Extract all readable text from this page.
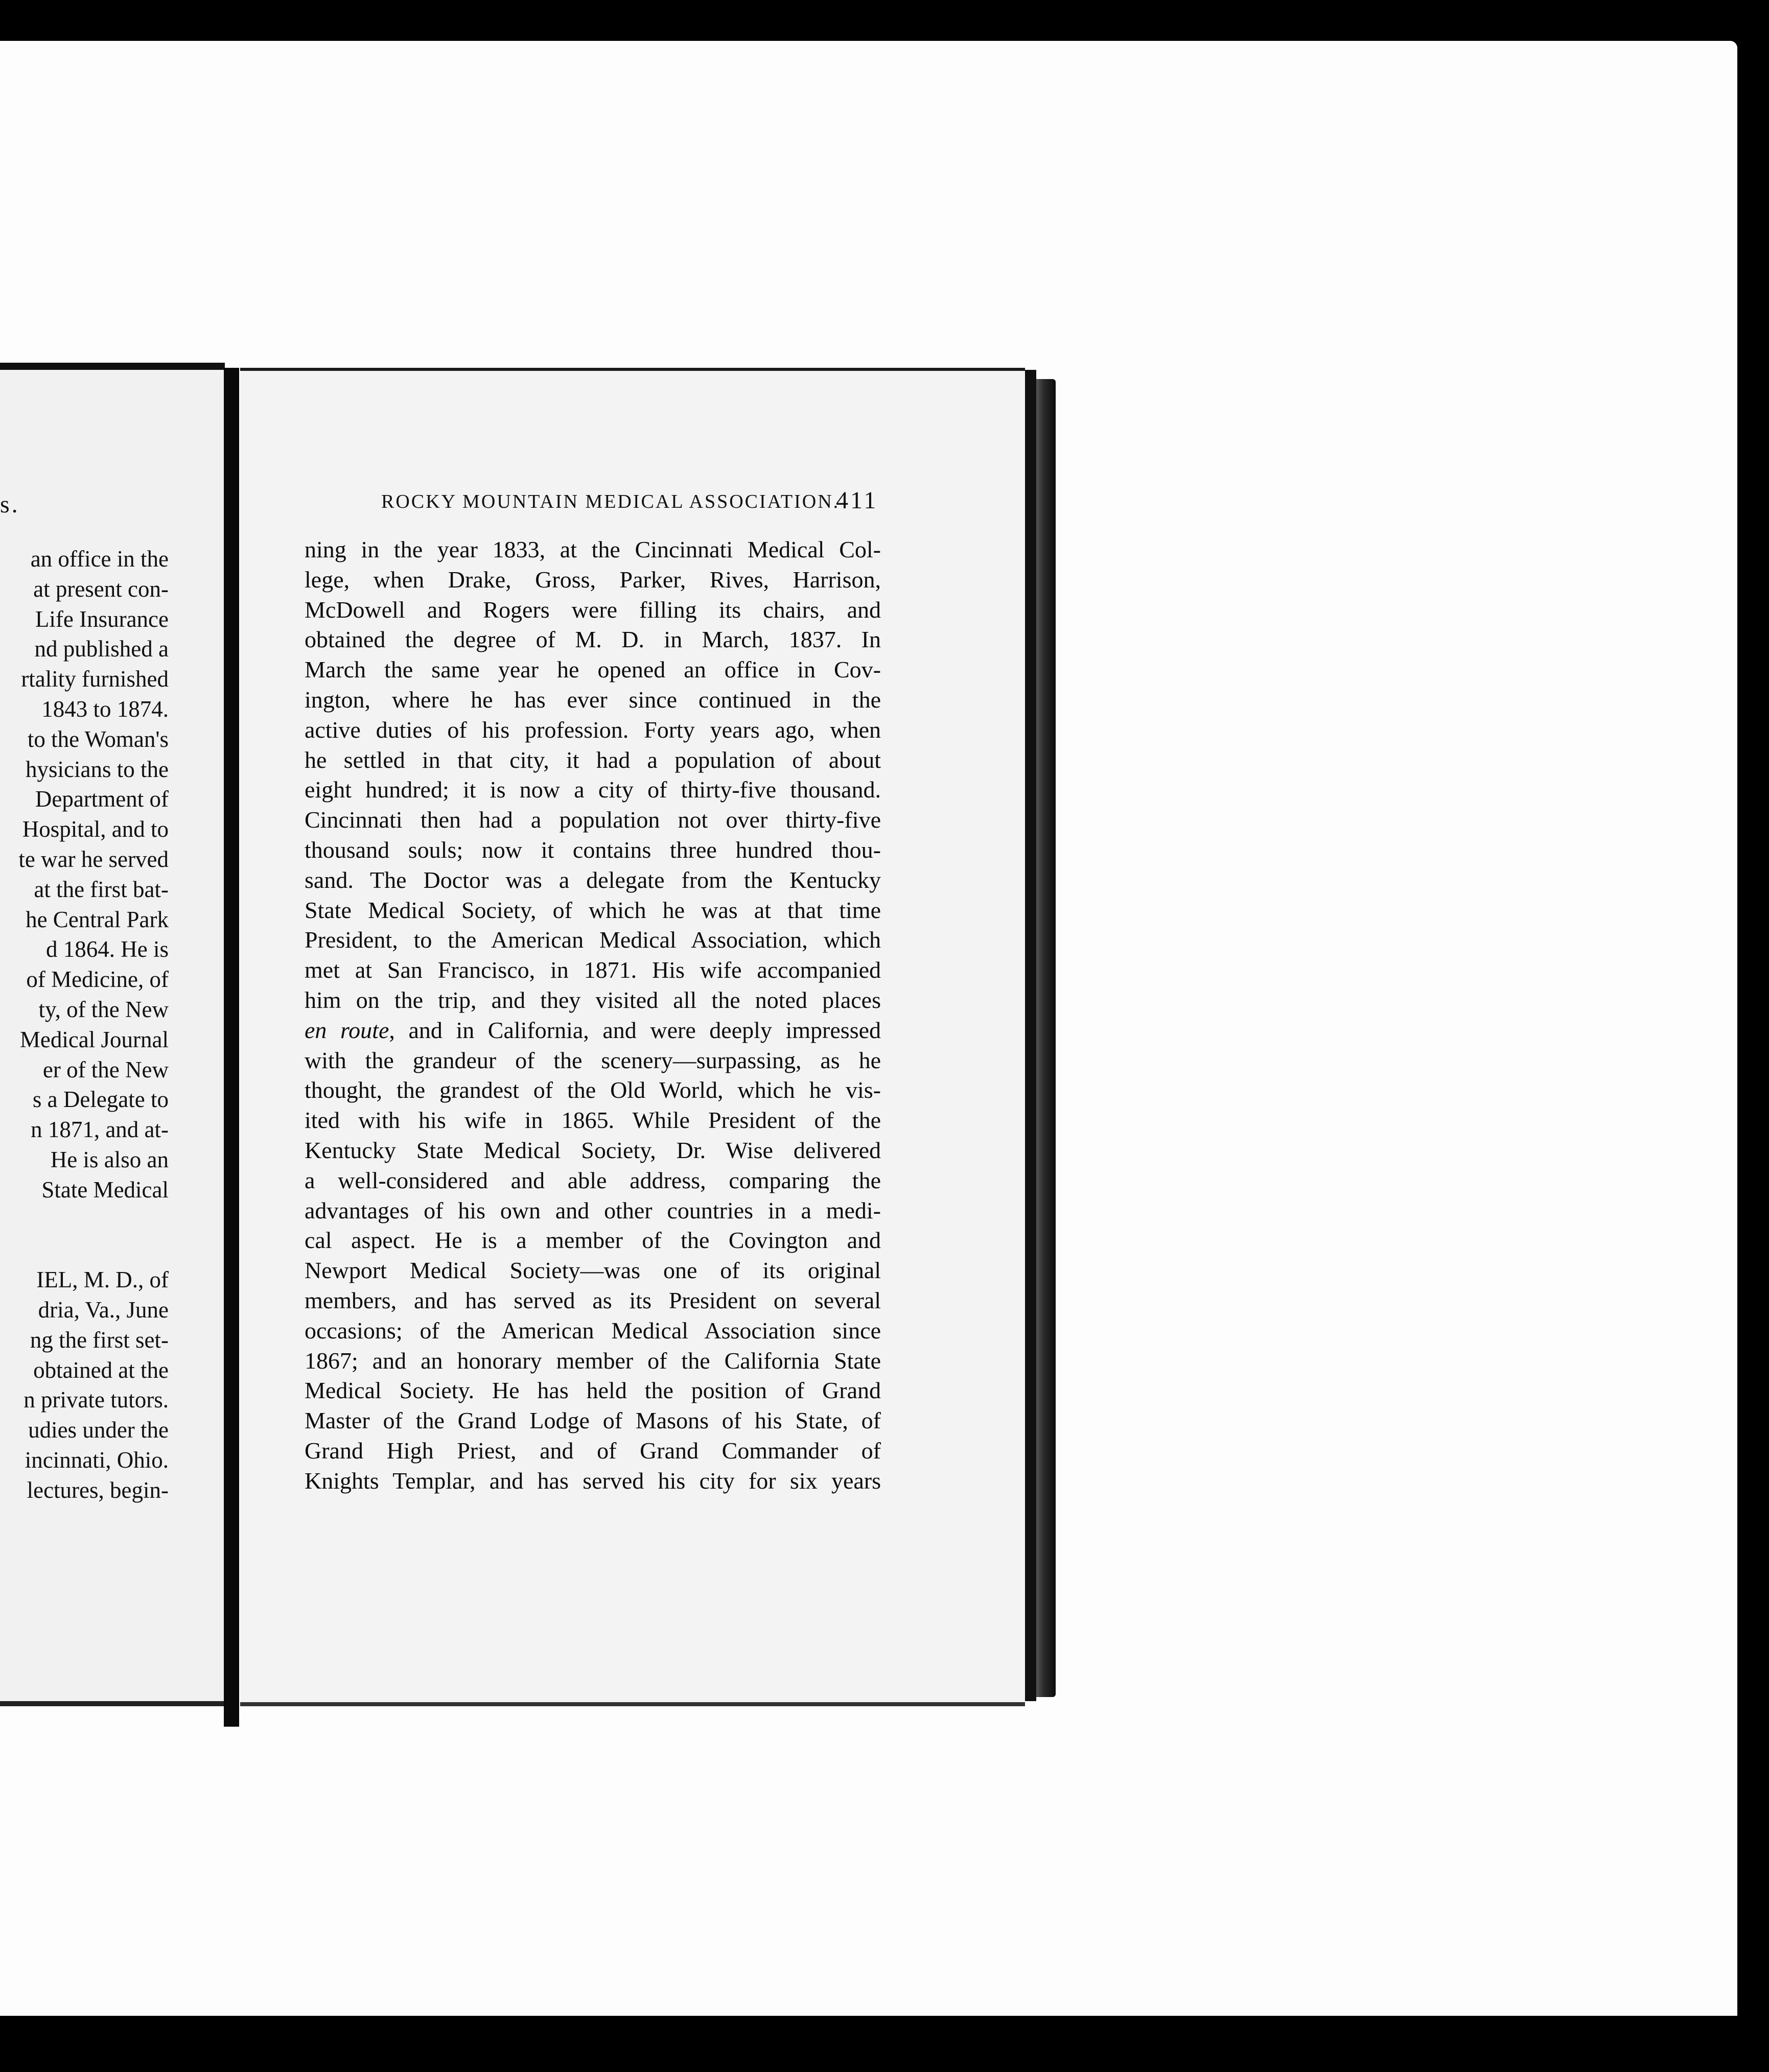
s.
an office in the
at present con-
Life Insurance
nd published a
rtality furnished
1843 to 1874.
to the Woman's
hysicians to the
Department of
Hospital, and to
te war he served
at the first bat-
he Central Park
d 1864. He is
of Medicine, of
ty, of the New
Medical Journal
er of the New
s a Delegate to
n 1871, and at-
He is also an
State Medical
IEL, M. D., of
dria, Va., June
ng the first set-
obtained at the
n private tutors.
udies under the
incinnati, Ohio.
lectures, begin-
ROCKY MOUNTAIN MEDICAL ASSOCIATION.
411
ning in the year 1833, at the Cincinnati Medical Col-
lege, when Drake, Gross, Parker, Rives, Harrison,
McDowell and Rogers were filling its chairs, and
obtained the degree of M. D. in March, 1837. In
March the same year he opened an office in Cov-
ington, where he has ever since continued in the
active duties of his profession. Forty years ago, when
he settled in that city, it had a population of about
eight hundred; it is now a city of thirty-five thousand.
Cincinnati then had a population not over thirty-five
thousand souls; now it contains three hundred thou-
sand. The Doctor was a delegate from the Kentucky
State Medical Society, of which he was at that time
President, to the American Medical Association, which
met at San Francisco, in 1871. His wife accompanied
him on the trip, and they visited all the noted places
en route, and in California, and were deeply impressed
with the grandeur of the scenery—surpassing, as he
thought, the grandest of the Old World, which he vis-
ited with his wife in 1865. While President of the
Kentucky State Medical Society, Dr. Wise delivered
a well-considered and able address, comparing the
advantages of his own and other countries in a medi-
cal aspect. He is a member of the Covington and
Newport Medical Society—was one of its original
members, and has served as its President on several
occasions; of the American Medical Association since
1867; and an honorary member of the California State
Medical Society. He has held the position of Grand
Master of the Grand Lodge of Masons of his State, of
Grand High Priest, and of Grand Commander of
Knights Templar, and has served his city for six years
